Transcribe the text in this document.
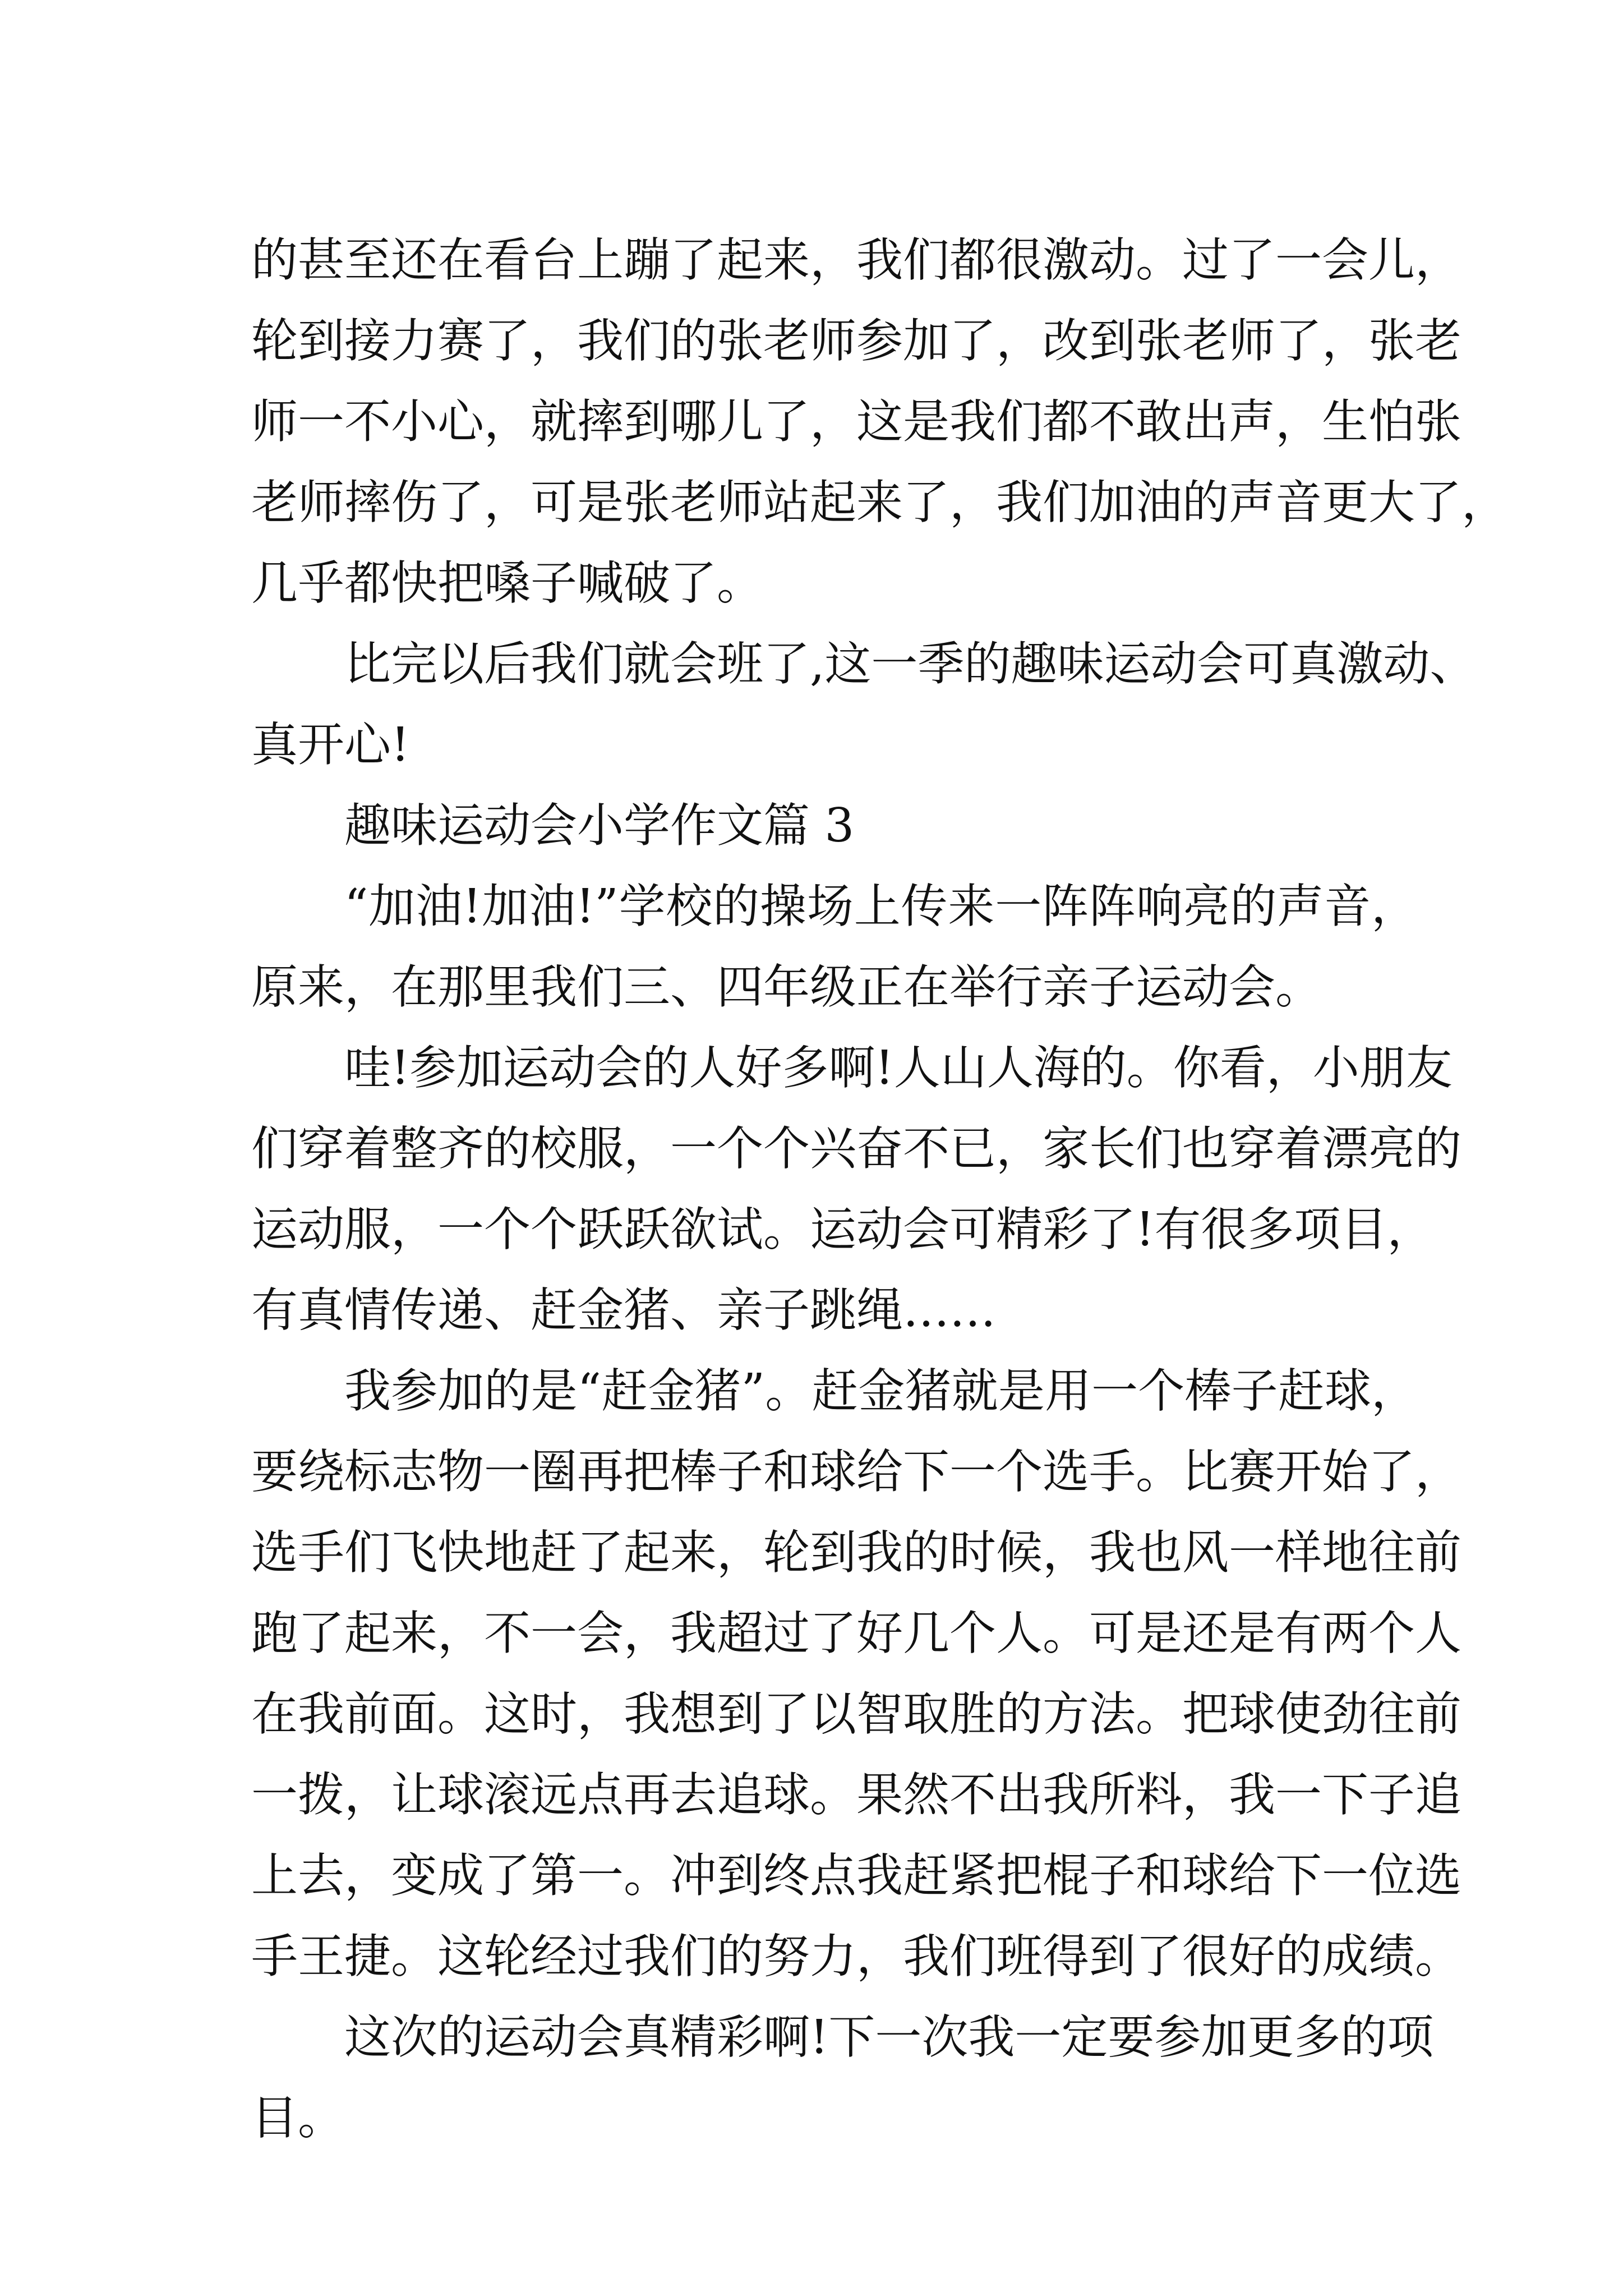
的甚至还在看台上蹦了起来，我们都很激动。过了一会儿，
轮到接力赛了，我们的张老师参加了，改到张老师了，张老
师一不小心，就摔到哪儿了，这是我们都不敢出声，生怕张
老师摔伤了，可是张老师站起来了，我们加油的声音更大了，
几乎都快把嗓子喊破了。
比完以后我们就会班了,这一季的趣味运动会可真激动、
真开心!
趣味运动会小学作文篇 3
“加油!加油!”学校的操场上传来一阵阵响亮的声音，
原来，在那里我们三、四年级正在举行亲子运动会。
哇!参加运动会的人好多啊!人山人海的。你看，小朋友
们穿着整齐的校服，一个个兴奋不已，家长们也穿着漂亮的
运动服，一个个跃跃欲试。运动会可精彩了!有很多项目，
有真情传递、赶金猪、亲子跳绳……
我参加的是“赶金猪”。赶金猪就是用一个棒子赶球，
要绕标志物一圈再把棒子和球给下一个选手。比赛开始了，
选手们飞快地赶了起来，轮到我的时候，我也风一样地往前
跑了起来，不一会，我超过了好几个人。可是还是有两个人
在我前面。这时，我想到了以智取胜的方法。把球使劲往前
一拨，让球滚远点再去追球。果然不出我所料，我一下子追
上去，变成了第一。冲到终点我赶紧把棍子和球给下一位选
手王捷。这轮经过我们的努力，我们班得到了很好的成绩。
这次的运动会真精彩啊!下一次我一定要参加更多的项
目。
